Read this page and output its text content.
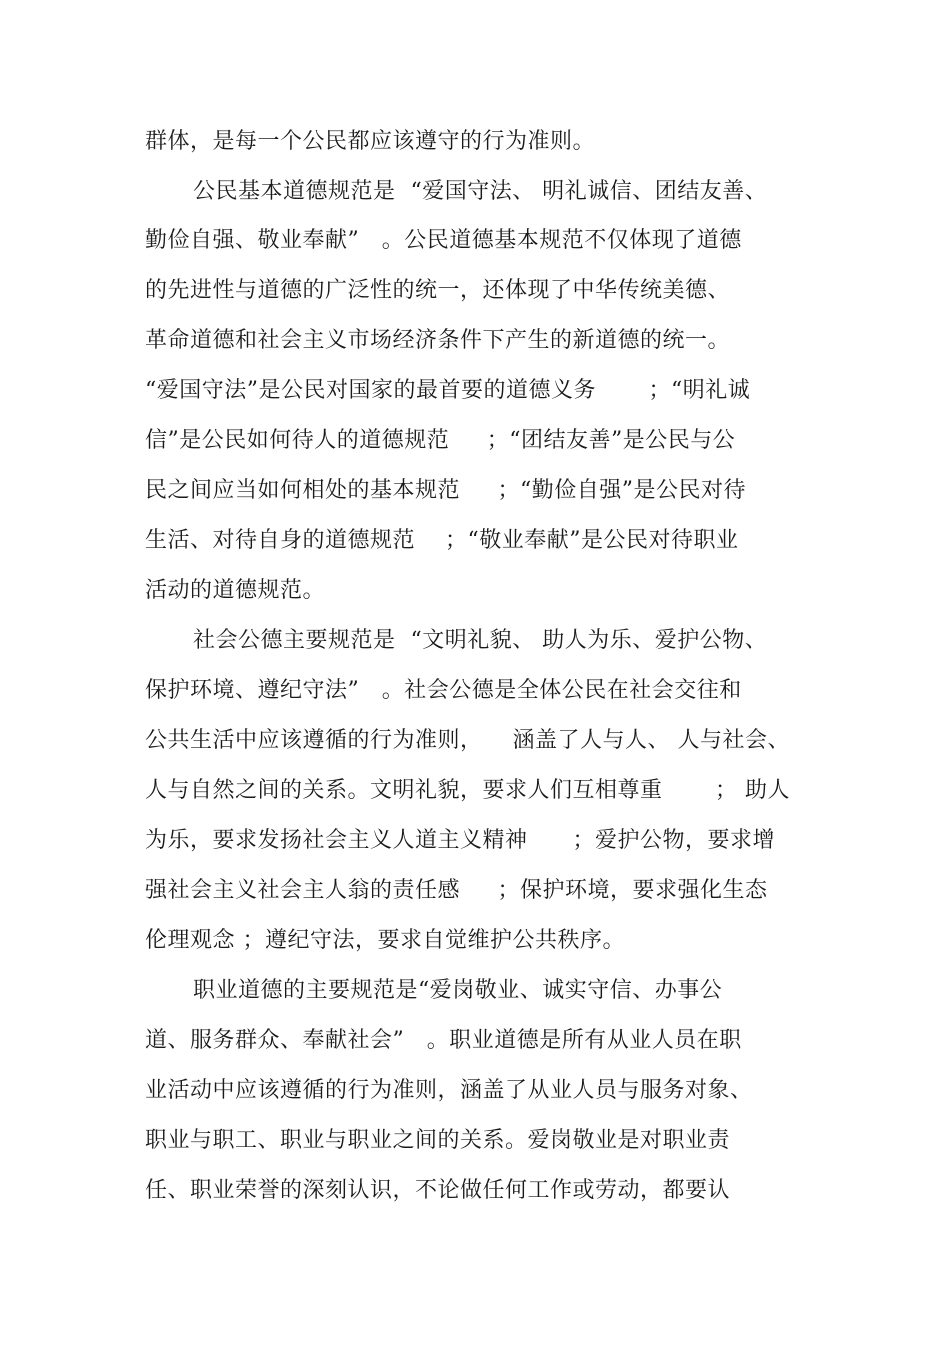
群体，是每一个公民都应该遵守的行为准则。
公民基本道德规范是  “爱国守法、 明礼诚信、团结友善、
勤俭自强、敬业奉献”   。公民道德基本规范不仅体现了道德
的先进性与道德的广泛性的统一，还体现了中华传统美德、
革命道德和社会主义市场经济条件下产生的新道德的统一。
“爱国守法”是公民对国家的最首要的道德义务       ；“明礼诚
信”是公民如何待人的道德规范     ；“团结友善”是公民与公
民之间应当如何相处的基本规范     ；“勤俭自强”是公民对待
生活、对待自身的道德规范    ；“敬业奉献”是公民对待职业
活动的道德规范。
社会公德主要规范是  “文明礼貌、 助人为乐、爱护公物、
保护环境、遵纪守法”   。社会公德是全体公民在社会交往和
公共生活中应该遵循的行为准则，    涵盖了人与人、 人与社会、
人与自然之间的关系。文明礼貌，要求人们互相尊重       ； 助人
为乐，要求发扬社会主义人道主义精神      ；爱护公物，要求增
强社会主义社会主人翁的责任感     ；保护环境，要求强化生态
伦理观念 ；遵纪守法，要求自觉维护公共秩序。
职业道德的主要规范是“爱岗敬业、诚实守信、办事公
道、服务群众、奉献社会”   。职业道德是所有从业人员在职
业活动中应该遵循的行为准则，涵盖了从业人员与服务对象、
职业与职工、职业与职业之间的关系。爱岗敬业是对职业责
任、职业荣誉的深刻认识，不论做任何工作或劳动，都要认
